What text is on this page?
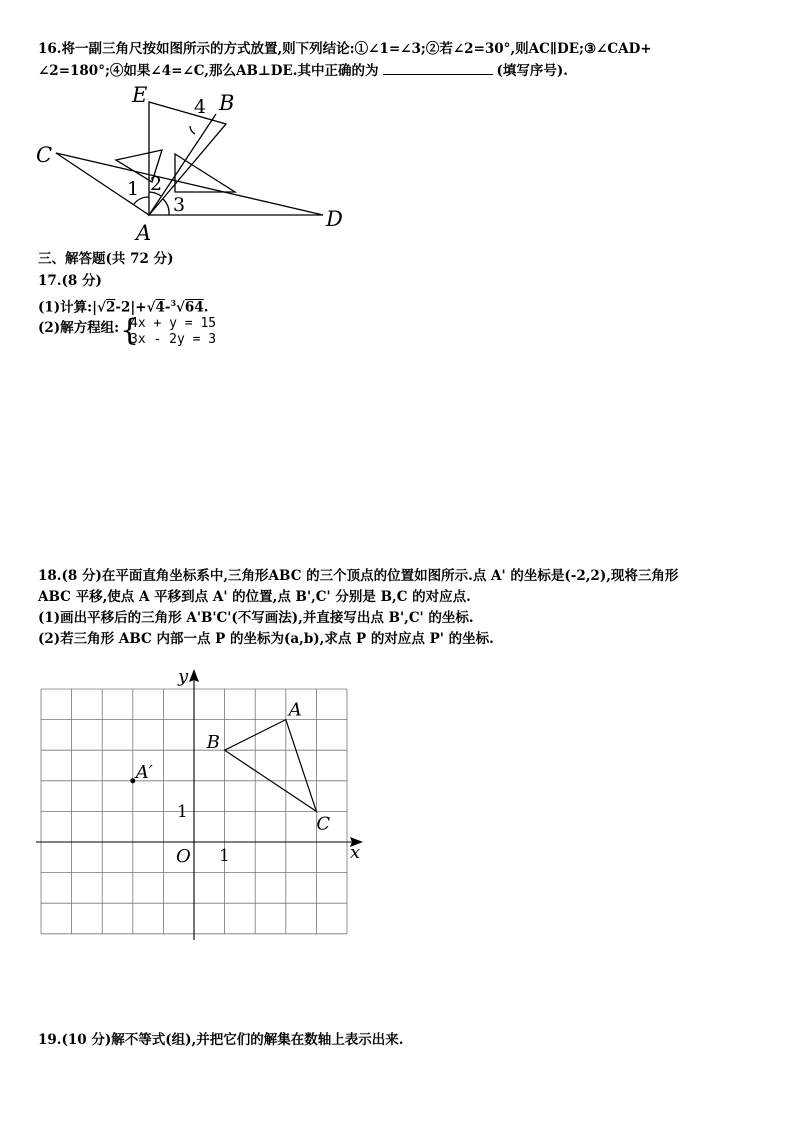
16.将一副三角尺按如图所示的方式放置,则下列结论:①∠1=∠3;②若∠2=30°,则AC∥DE;③∠CAD+
∠2=180°;④如果∠4=∠C,那么AB⊥DE.其中正确的为	(填写序号).
E	B
C
D
A
1 2
3
4
三、解答题(共 72 分)
17.(8 分)
(1)计算:|√2-2|+√4-$^3$√64.
(2)解方程组: {
4x + y = 15
3x - 2y = 3
18.(8 分)在平面直角坐标系中,三角形ABC 的三个顶点的位置如图所示.点 A' 的坐标是(-2,2),现将三角形
ABC 平移,使点 A 平移到点 A' 的位置,点 B',C' 分别是 B,C 的对应点.
(1)画出平移后的三角形 A'B'C'(不写画法),并直接写出点 B',C' 的坐标.
(2)若三角形 ABC 内部一点 P 的坐标为(a,b),求点 P 的对应点 P' 的坐标.
y
x
O
A
B
C
A′
1
1
19.(10 分)解不等式(组),并把它们的解集在数轴上表示出来.
